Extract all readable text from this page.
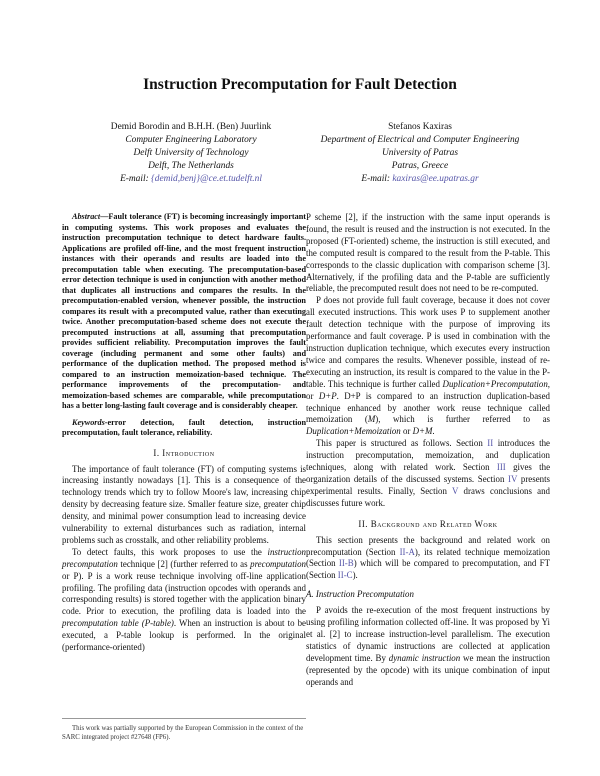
Instruction Precomputation for Fault Detection
Demid Borodin and B.H.H. (Ben) Juurlink
Computer Engineering Laboratory
Delft University of Technology
Delft, The Netherlands
E-mail: {demid,benj}@ce.et.tudelft.nl
Stefanos Kaxiras
Department of Electrical and Computer Engineering
University of Patras
Patras, Greece
E-mail: kaxiras@ee.upatras.gr

Abstract—Fault tolerance (FT) is becoming increasingly important in computing systems. This work proposes and evaluates the instruction precomputation technique to detect hardware faults. Applications are profiled off-line, and the most frequent instruction instances with their operands and results are loaded into the precomputation table when executing. The precomputation-based error detection technique is used in conjunction with another method that duplicates all instructions and compares the results. In the precomputation-enabled version, whenever possible, the instruction compares its result with a precomputed value, rather than executing twice. Another precomputation-based scheme does not execute the precomputed instructions at all, assuming that precomputation provides sufficient reliability. Precomputation improves the fault coverage (including permanent and some other faults) and performance of the duplication method. The proposed method is compared to an instruction memoization-based technique. The performance improvements of the precomputation- and memoization-based schemes are comparable, while precomputation has a better long-lasting fault coverage and is considerably cheaper.

Keywords-error detection, fault detection, instruction precomputation, fault tolerance, reliability.

I. Introduction

The importance of fault tolerance (FT) of computing systems is increasing instantly nowadays [1]. This is a consequence of the technology trends which try to follow Moore's law, increasing chip density by decreasing feature size. Smaller feature size, greater chip density, and minimal power consumption lead to increasing device vulnerability to external disturbances such as radiation, internal problems such as crosstalk, and other reliability problems.

To detect faults, this work proposes to use the instruction precomputation technique [2] (further referred to as precomputation or P). P is a work reuse technique involving off-line application profiling. The profiling data (instruction opcodes with operands and corresponding results) is stored together with the application binary code. Prior to execution, the profiling data is loaded into the precomputation table (P-table). When an instruction is about to be executed, a P-table lookup is performed. In the original (performance-oriented)

P scheme [2], if the instruction with the same input operands is found, the result is reused and the instruction is not executed. In the proposed (FT-oriented) scheme, the instruction is still executed, and the computed result is compared to the result from the P-table. This corresponds to the classic duplication with comparison scheme [3]. Alternatively, if the profiling data and the P-table are sufficiently reliable, the precomputed result does not need to be re-computed.

P does not provide full fault coverage, because it does not cover all executed instructions. This work uses P to supplement another fault detection technique with the purpose of improving its performance and fault coverage. P is used in combination with the instruction duplication technique, which executes every instruction twice and compares the results. Whenever possible, instead of re-executing an instruction, its result is compared to the value in the P-table. This technique is further called Duplication+Precomputation, or D+P. D+P is compared to an instruction duplication-based technique enhanced by another work reuse technique called memoization (M), which is further referred to as Duplication+Memoization or D+M.

This paper is structured as follows. Section II introduces the instruction precomputation, memoization, and duplication techniques, along with related work. Section III gives the organization details of the discussed systems. Section IV presents experimental results. Finally, Section V draws conclusions and discusses future work.

II. Background and Related Work

This section presents the background and related work on precomputation (Section II-A), its related technique memoization (Section II-B) which will be compared to precomputation, and FT (Section II-C).

A. Instruction Precomputation

P avoids the re-execution of the most frequent instructions by using profiling information collected off-line. It was proposed by Yi et al. [2] to increase instruction-level parallelism. The execution statistics of dynamic instructions are collected at application development time. By dynamic instruction we mean the instruction (represented by the opcode) with its unique combination of input operands and

This work was partially supported by the European Commission in the context of the SARC integrated project #27648 (FP6).
